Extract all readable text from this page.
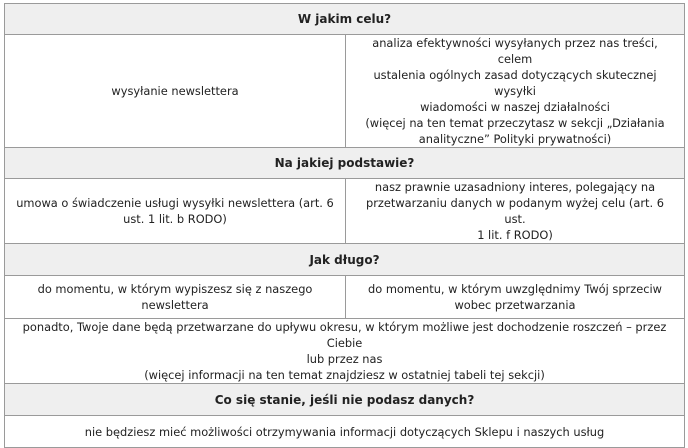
W jakim celu?	
wysyłanie newslettera	analiza efektywności wysyłanych przez nas treści, celem
ustalenia ogólnych zasad dotyczących skutecznej wysyłki
wiadomości w naszej działalności
(więcej na ten temat przeczytasz w sekcji „Działania
analityczne” Polityki prywatności)

Na jakiej podstawie?	

umowa o świadczenie usługi wysyłki newslettera (art. 6
ust. 1 lit. b RODO)	nasz prawnie uzasadniony interes, polegający na
przetwarzaniu danych w podanym wyżej celu (art. 6 ust.
1 lit. f RODO)

Jak długo?	

do momentu, w którym wypiszesz się z naszego
newslettera	do momentu, w którym uwzględnimy Twój sprzeciw
wobec przetwarzania

ponadto, Twoje dane będą przetwarzane do upływu okresu, w którym możliwe jest dochodzenie roszczeń – przez Ciebie
lub przez nas
(więcej informacji na ten temat znajdziesz w ostatniej tabeli tej sekcji)	

Co się stanie, jeśli nie podasz danych?	
nie będziesz mieć możliwości otrzymywania informacji dotyczących Sklepu i naszych usług	
